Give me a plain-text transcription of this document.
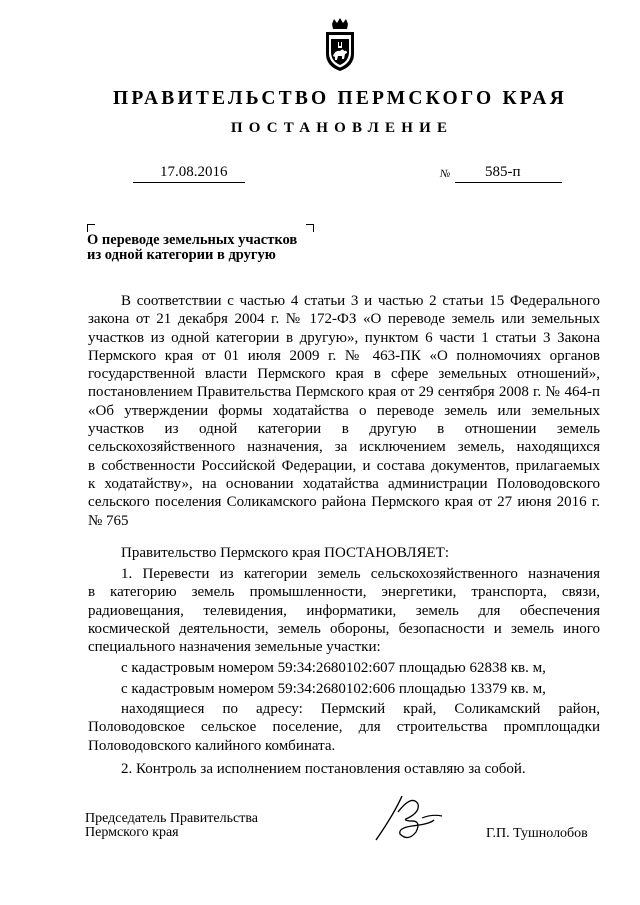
ПРАВИТЕЛЬСТВО ПЕРМСКОГО КРАЯ
ПОСТАНОВЛЕНИЕ
17.08.2016	№ 585-п
О переводе земельных участков
из одной категории в другую
В соответствии с частью 4 статьи 3 и частью 2 статьи 15 Федерального
закона от 21 декабря 2004 г. № 172-ФЗ «О переводе земель или земельных
участков из одной категории в другую», пунктом 6 части 1 статьи 3 Закона
Пермского края от 01 июля 2009 г. № 463-ПК «О полномочиях органов
государственной власти Пермского края в сфере земельных отношений»,
постановлением Правительства Пермского края от 29 сентября 2008 г. № 464-п
«Об утверждении формы ходатайства о переводе земель или земельных
участков из одной категории в другую в отношении земель
сельскохозяйственного назначения, за исключением земель, находящихся
в собственности Российской Федерации, и состава документов, прилагаемых
к ходатайству», на основании ходатайства администрации Половодовского
сельского поселения Соликамского района Пермского края от 27 июня 2016 г.
№ 765
Правительство Пермского края ПОСТАНОВЛЯЕТ:
1. Перевести из категории земель сельскохозяйственного назначения
в категорию земель промышленности, энергетики, транспорта, связи,
радиовещания, телевидения, информатики, земель для обеспечения
космической деятельности, земель обороны, безопасности и земель иного
специального назначения земельные участки:
с кадастровым номером 59:34:2680102:607 площадью 62838 кв. м,
с кадастровым номером 59:34:2680102:606 площадью 13379 кв. м,
находящиеся по адресу: Пермский край, Соликамский район,
Половодовское сельское поселение, для строительства промплощадки
Половодовского калийного комбината.
2. Контроль за исполнением постановления оставляю за собой.
Председатель Правительства
Пермского края	Г.П. Тушнолобов
